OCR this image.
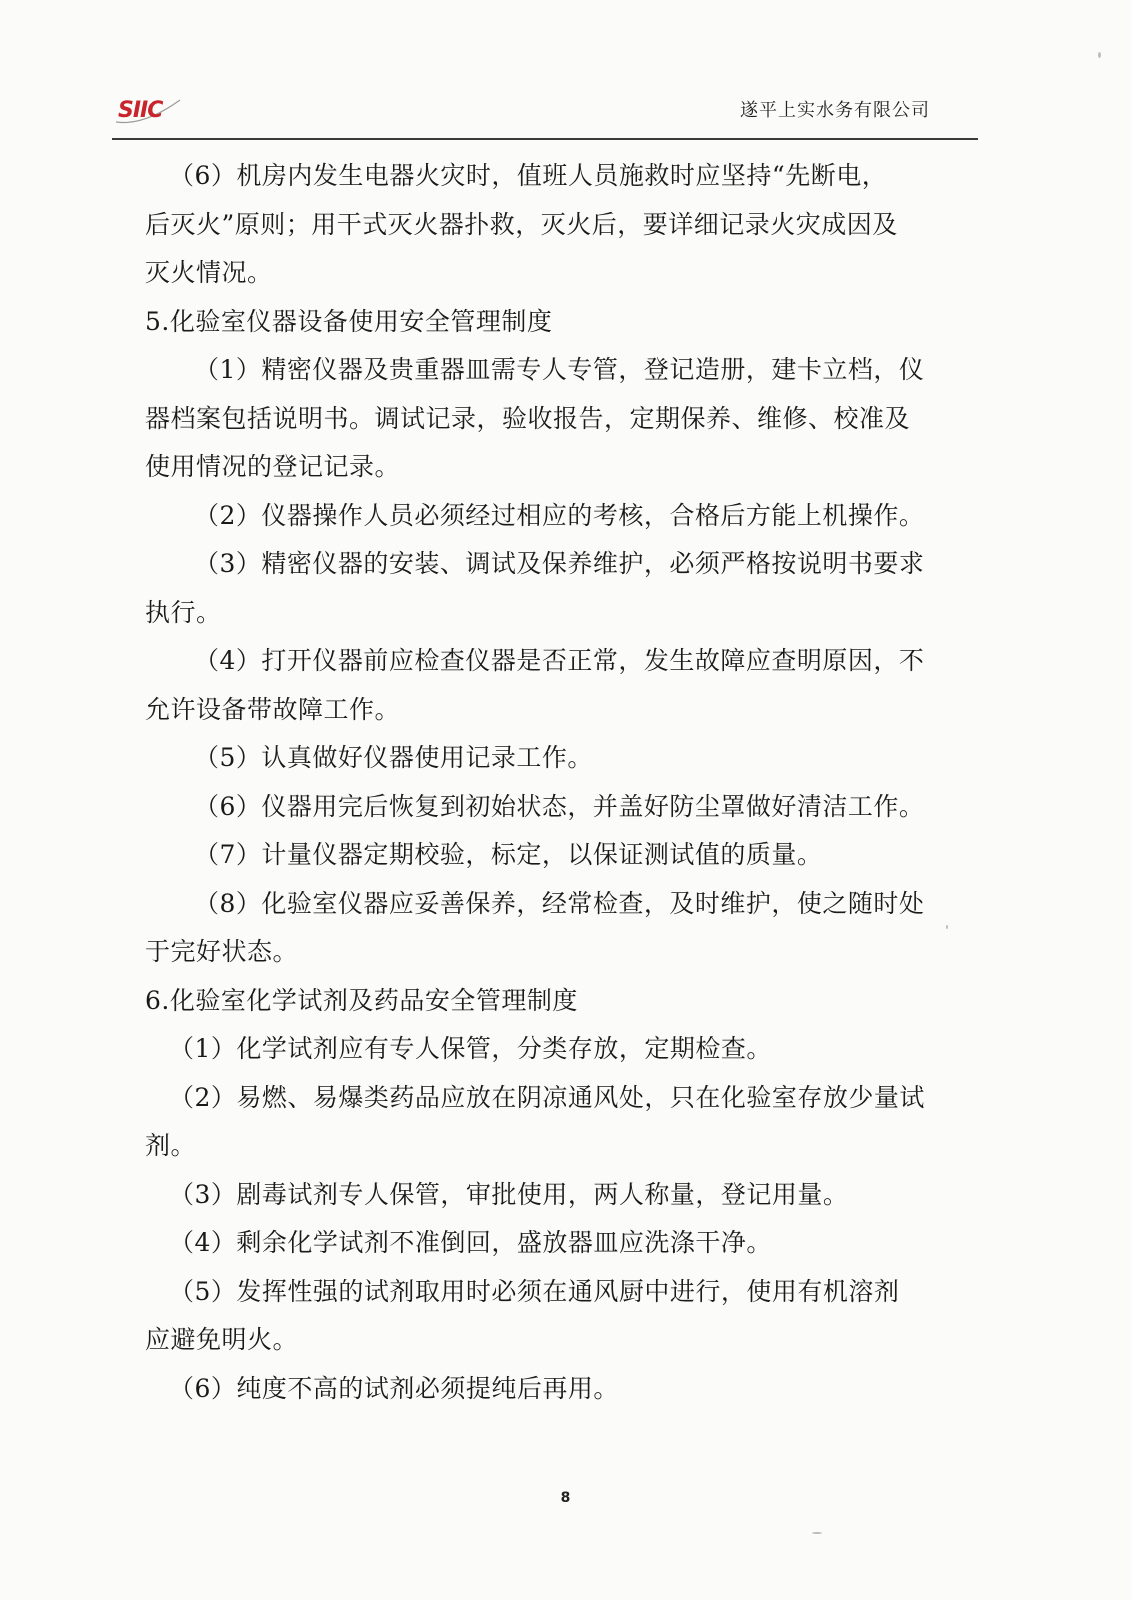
SIIC	遂平上实水务有限公司

（6）机房内发生电器火灾时，值班人员施救时应坚持“先断电，

后灭火”原则；用干式灭火器扑救，灭火后，要详细记录火灾成因及

灭火情况。

5.化验室仪器设备使用安全管理制度

（1）精密仪器及贵重器皿需专人专管，登记造册，建卡立档，仪

器档案包括说明书。调试记录，验收报告，定期保养、维修、校准及

使用情况的登记记录。

（2）仪器操作人员必须经过相应的考核，合格后方能上机操作。

（3）精密仪器的安装、调试及保养维护，必须严格按说明书要求

执行。

（4）打开仪器前应检查仪器是否正常，发生故障应查明原因，不

允许设备带故障工作。

（5）认真做好仪器使用记录工作。

（6）仪器用完后恢复到初始状态，并盖好防尘罩做好清洁工作。

（7）计量仪器定期校验，标定，以保证测试值的质量。

（8）化验室仪器应妥善保养，经常检查，及时维护，使之随时处

于完好状态。

6.化验室化学试剂及药品安全管理制度

（1）化学试剂应有专人保管，分类存放，定期检查。

（2）易燃、易爆类药品应放在阴凉通风处，只在化验室存放少量试

剂。

（3）剧毒试剂专人保管，审批使用，两人称量，登记用量。

（4）剩余化学试剂不准倒回，盛放器皿应洗涤干净。

（5）发挥性强的试剂取用时必须在通风厨中进行，使用有机溶剂

应避免明火。

（6）纯度不高的试剂必须提纯后再用。

8
